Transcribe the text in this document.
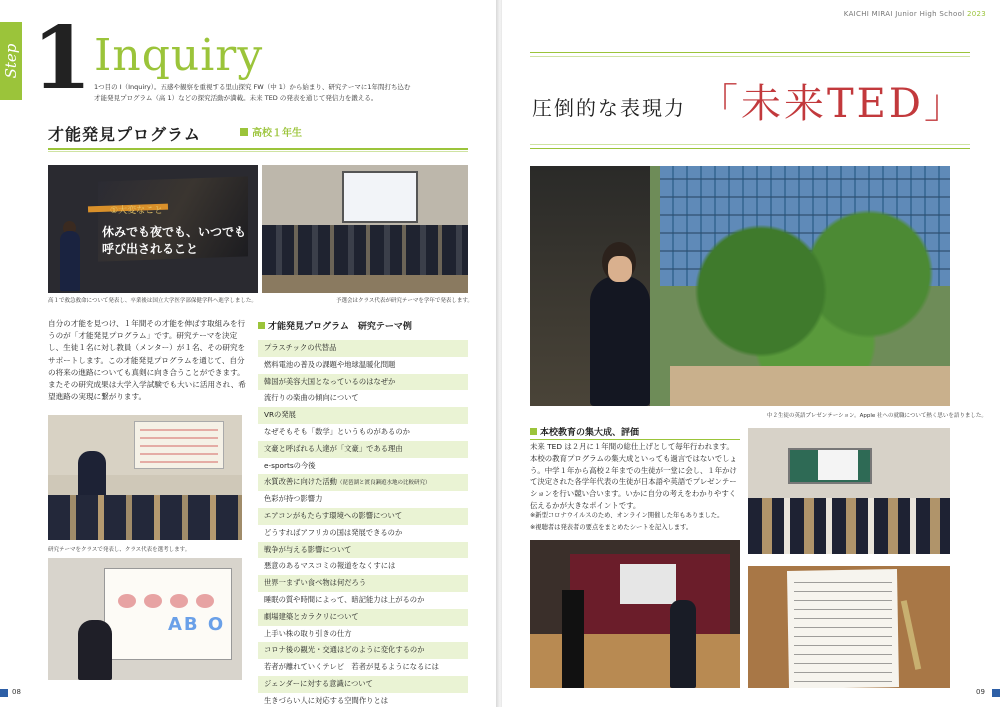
Step 1 Inquiry
1つ目の I（Inquiry）。五感や観察を重視する里山探究 FW（中 1）から始まり、研究テーマに1年間打ち込む才能発見プログラム（高 1）などの探究活動が満載。未来 TED の発表を通じて発信力を鍛える。
才能発見プログラム	高校１年生
①大変なこと
休みでも夜でも、いつでも
呼び出されること
高１で救急救命について発表し、卒業後は国立大学医学部保健学科へ進学しました。	予選会はクラス代表が研究テーマを学年で発表します。
自分の才能を見つけ、１年間その才能を伸ばす取組みを行うのが「才能発見プログラム」です。研究テーマを決定し、生徒１名に対し教員（メンター）が１名、その研究をサポートします。この才能発見プログラムを通じて、自分の将来の進路についても真剣に向き合うことができます。またその研究成果は大学入学試験でも大いに活用され、希望進路の実現に繋がります。
才能発見プログラム　研究テーマ例
プラスチックの代替品
燃料電池の普及の課題や地球温暖化問題
韓国が美容大国となっているのはなぜか
流行りの楽曲の傾向について
VRの発展
なぜそもそも「数学」というものがあるのか
文豪と呼ばれる人達が「文豪」である理由
e-sportsの今後
水質改善に向けた活動（琵琶湖と渡良瀬遊水地の比較研究）
色彩が持つ影響力
エアコンがもたらす環境への影響について
どうすればアフリカの国は発展できるのか
戦争が与える影響について
悪意のあるマスコミの報道をなくすには
世界一まずい食べ物は何だろう
睡眠の質や時間によって、暗記能力は上がるのか
劇場建築とカラクリについて
上手い株の取り引きの仕方
コロナ後の観光・交通はどのように変化するのか
若者が離れていくテレビ　若者が見るようになるには
ジェンダーに対する意識について
生きづらい人に対応する空間作りとは
研究テーマをクラスで発表し、クラス代表を選考します。
AB O
08
KAICHI MIRAI Junior High School 2023
圧倒的な表現力 「未来TED」
中２生徒の英語プレゼンテーション。Apple 社への就職について熱く思いを語りました。
本校教育の集大成、評価
未来 TED は２月に１年間の総仕上げとして毎年行われます。本校の教育プログラムの集大成といっても過言ではないでしょう。中学１年から高校２年までの生徒が一堂に会し、１年かけて決定された各学年代表の生徒が日本語や英語でプレゼンテーションを行い競い合います。いかに自分の考えをわかりやすく伝えるかが大きなポイントです。
※新型コロナウイルスのため、オンライン開催した年もありました。
※視聴者は発表者の要点をまとめたシートを記入します。
09
